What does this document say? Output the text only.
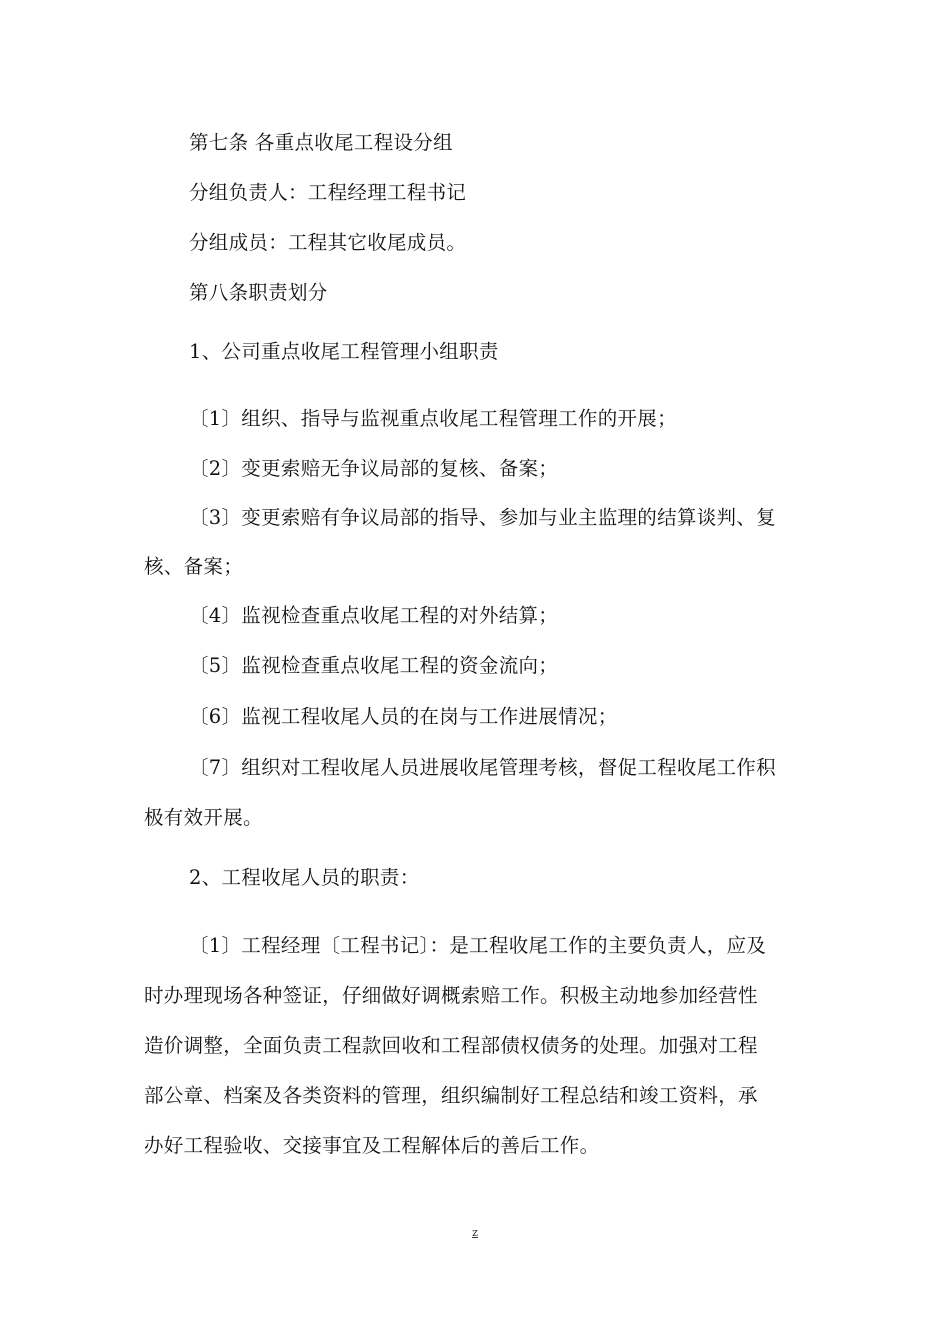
第七条 各重点收尾工程设分组
分组负责人：工程经理工程书记
分组成员：工程其它收尾成员。
第八条职责划分
1、公司重点收尾工程管理小组职责
〔1〕组织、指导与监视重点收尾工程管理工作的开展；
〔2〕变更索赔无争议局部的复核、备案；
〔3〕变更索赔有争议局部的指导、参加与业主监理的结算谈判、复
核、备案；
〔4〕监视检查重点收尾工程的对外结算；
〔5〕监视检查重点收尾工程的资金流向；
〔6〕监视工程收尾人员的在岗与工作进展情况；
〔7〕组织对工程收尾人员进展收尾管理考核，督促工程收尾工作积
极有效开展。
2、工程收尾人员的职责：
〔1〕工程经理〔工程书记〕：是工程收尾工作的主要负责人，应及
时办理现场各种签证，仔细做好调概索赔工作。积极主动地参加经营性
造价调整，全面负责工程款回收和工程部债权债务的处理。加强对工程
部公章、档案及各类资料的管理，组织编制好工程总结和竣工资料，承
办好工程验收、交接事宜及工程解体后的善后工作。
z
